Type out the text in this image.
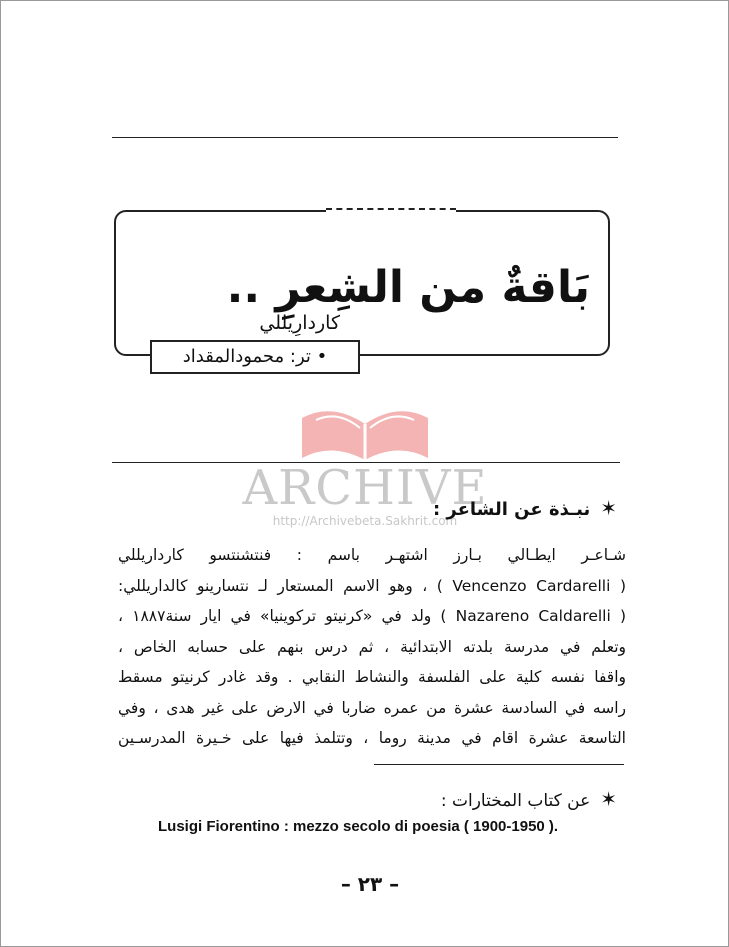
بَاقةٌ من الشِعرِ ..
كاردارِيللي
• تر: محمودالمقداد
ARCHIVE
http://Archivebeta.Sakhrit.com
✶نبـذة عن الشاعر :
شـاعـر ايطـالي بـارز اشتهـر باسم : فنتشنتسو كارداريللي
( Vencenzo Cardarelli ) ، وهو الاسم المستعار لـ نتسارينو كالداريللي:
( Nazareno Caldarelli ) ولد في «كرنيتو تركوينيا» في ايار سنة١٨٨٧ ،
وتعلم في مدرسة بلدته الابتدائية ، ثم درس بنهم على حسابه الخاص ،
واقفا نفسه كلية على الفلسفة والنشاط النقابي . وقد غادر كرنيتو مسقط
راسه في السادسة عشرة من عمره ضاربا في الارض على غير هدى ، وفي
التاسعة عشرة اقام في مدينة روما ، وتتلمذ فيها على خـيرة المدرسـين
✶عن كتاب المختارات :
Lusigi Fiorentino : mezzo secolo di poesia ( 1900-1950 ).
– ٢٣ –
